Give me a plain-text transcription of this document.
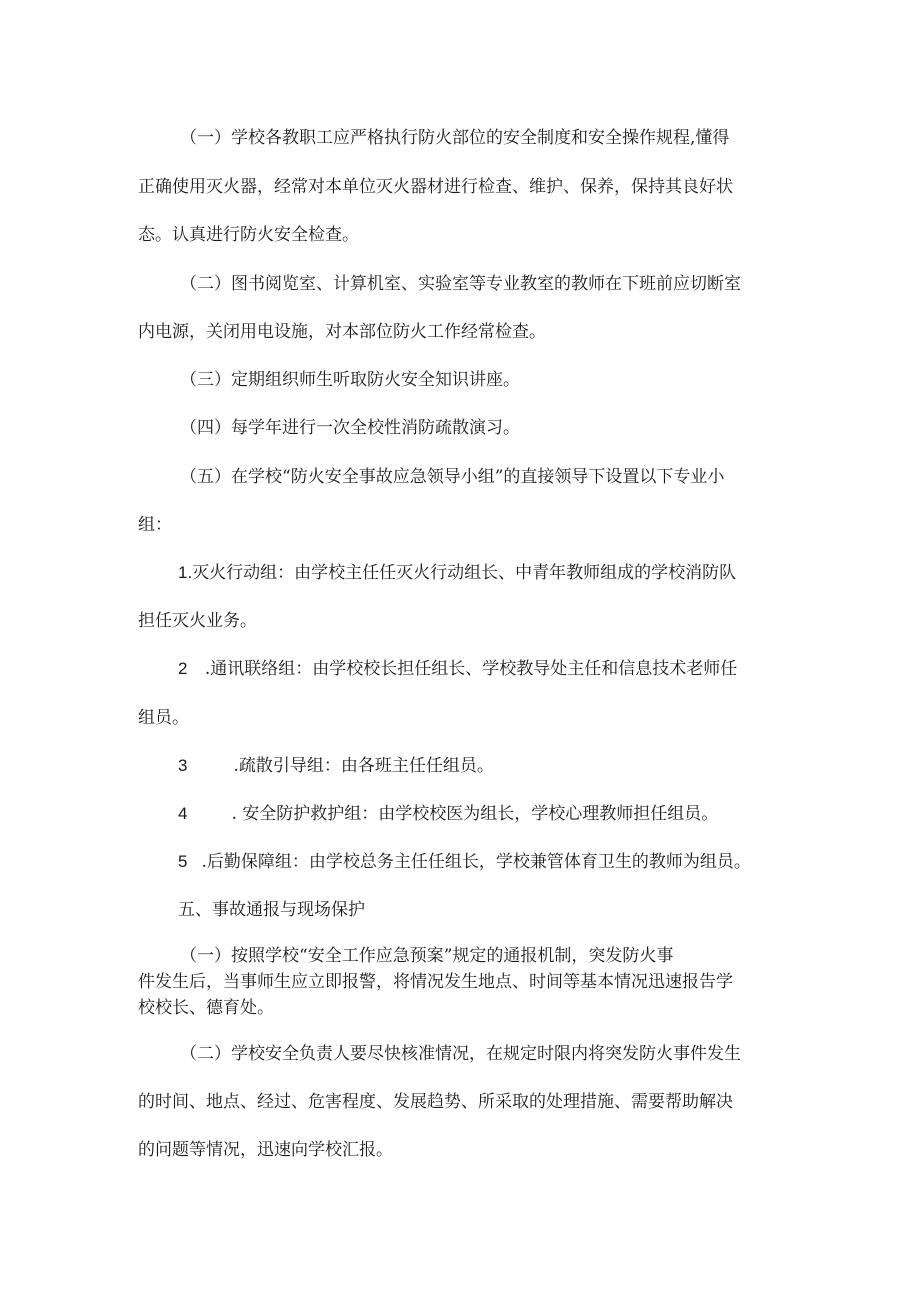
（一）学校各教职工应严格执行防火部位的安全制度和安全操作规程,懂得
正确使用灭火器，经常对本单位灭火器材进行检查、维护、保养，保持其良好状
态。认真进行防火安全检查。
（二）图书阅览室、计算机室、实验室等专业教室的教师在下班前应切断室
内电源，关闭用电设施，对本部位防火工作经常检查。
（三）定期组织师生听取防火安全知识讲座。
（四）每学年进行一次全校性消防疏散演习。
（五）在学校“防火安全事故应急领导小组”的直接领导下设置以下专业小
组：
1.灭火行动组：由学校主任任灭火行动组长、中青年教师组成的学校消防队
担任灭火业务。
2 .通讯联络组：由学校校长担任组长、学校教导处主任和信息技术老师任
组员。
3	.疏散引导组：由各班主任任组员。
4	. 安全防护救护组：由学校校医为组长，学校心理教师担任组员。
5 .后勤保障组：由学校总务主任任组长，学校兼管体育卫生的教师为组员。
五、事故通报与现场保护
（一）按照学校“安全工作应急预案”规定的通报机制，突发防火事
件发生后，当事师生应立即报警，将情况发生地点、时间等基本情况迅速报告学
校校长、德育处。
（二）学校安全负责人要尽快核准情况，在规定时限内将突发防火事件发生
的时间、地点、经过、危害程度、发展趋势、所采取的处理措施、需要帮助解决
的问题等情况，迅速向学校汇报。
